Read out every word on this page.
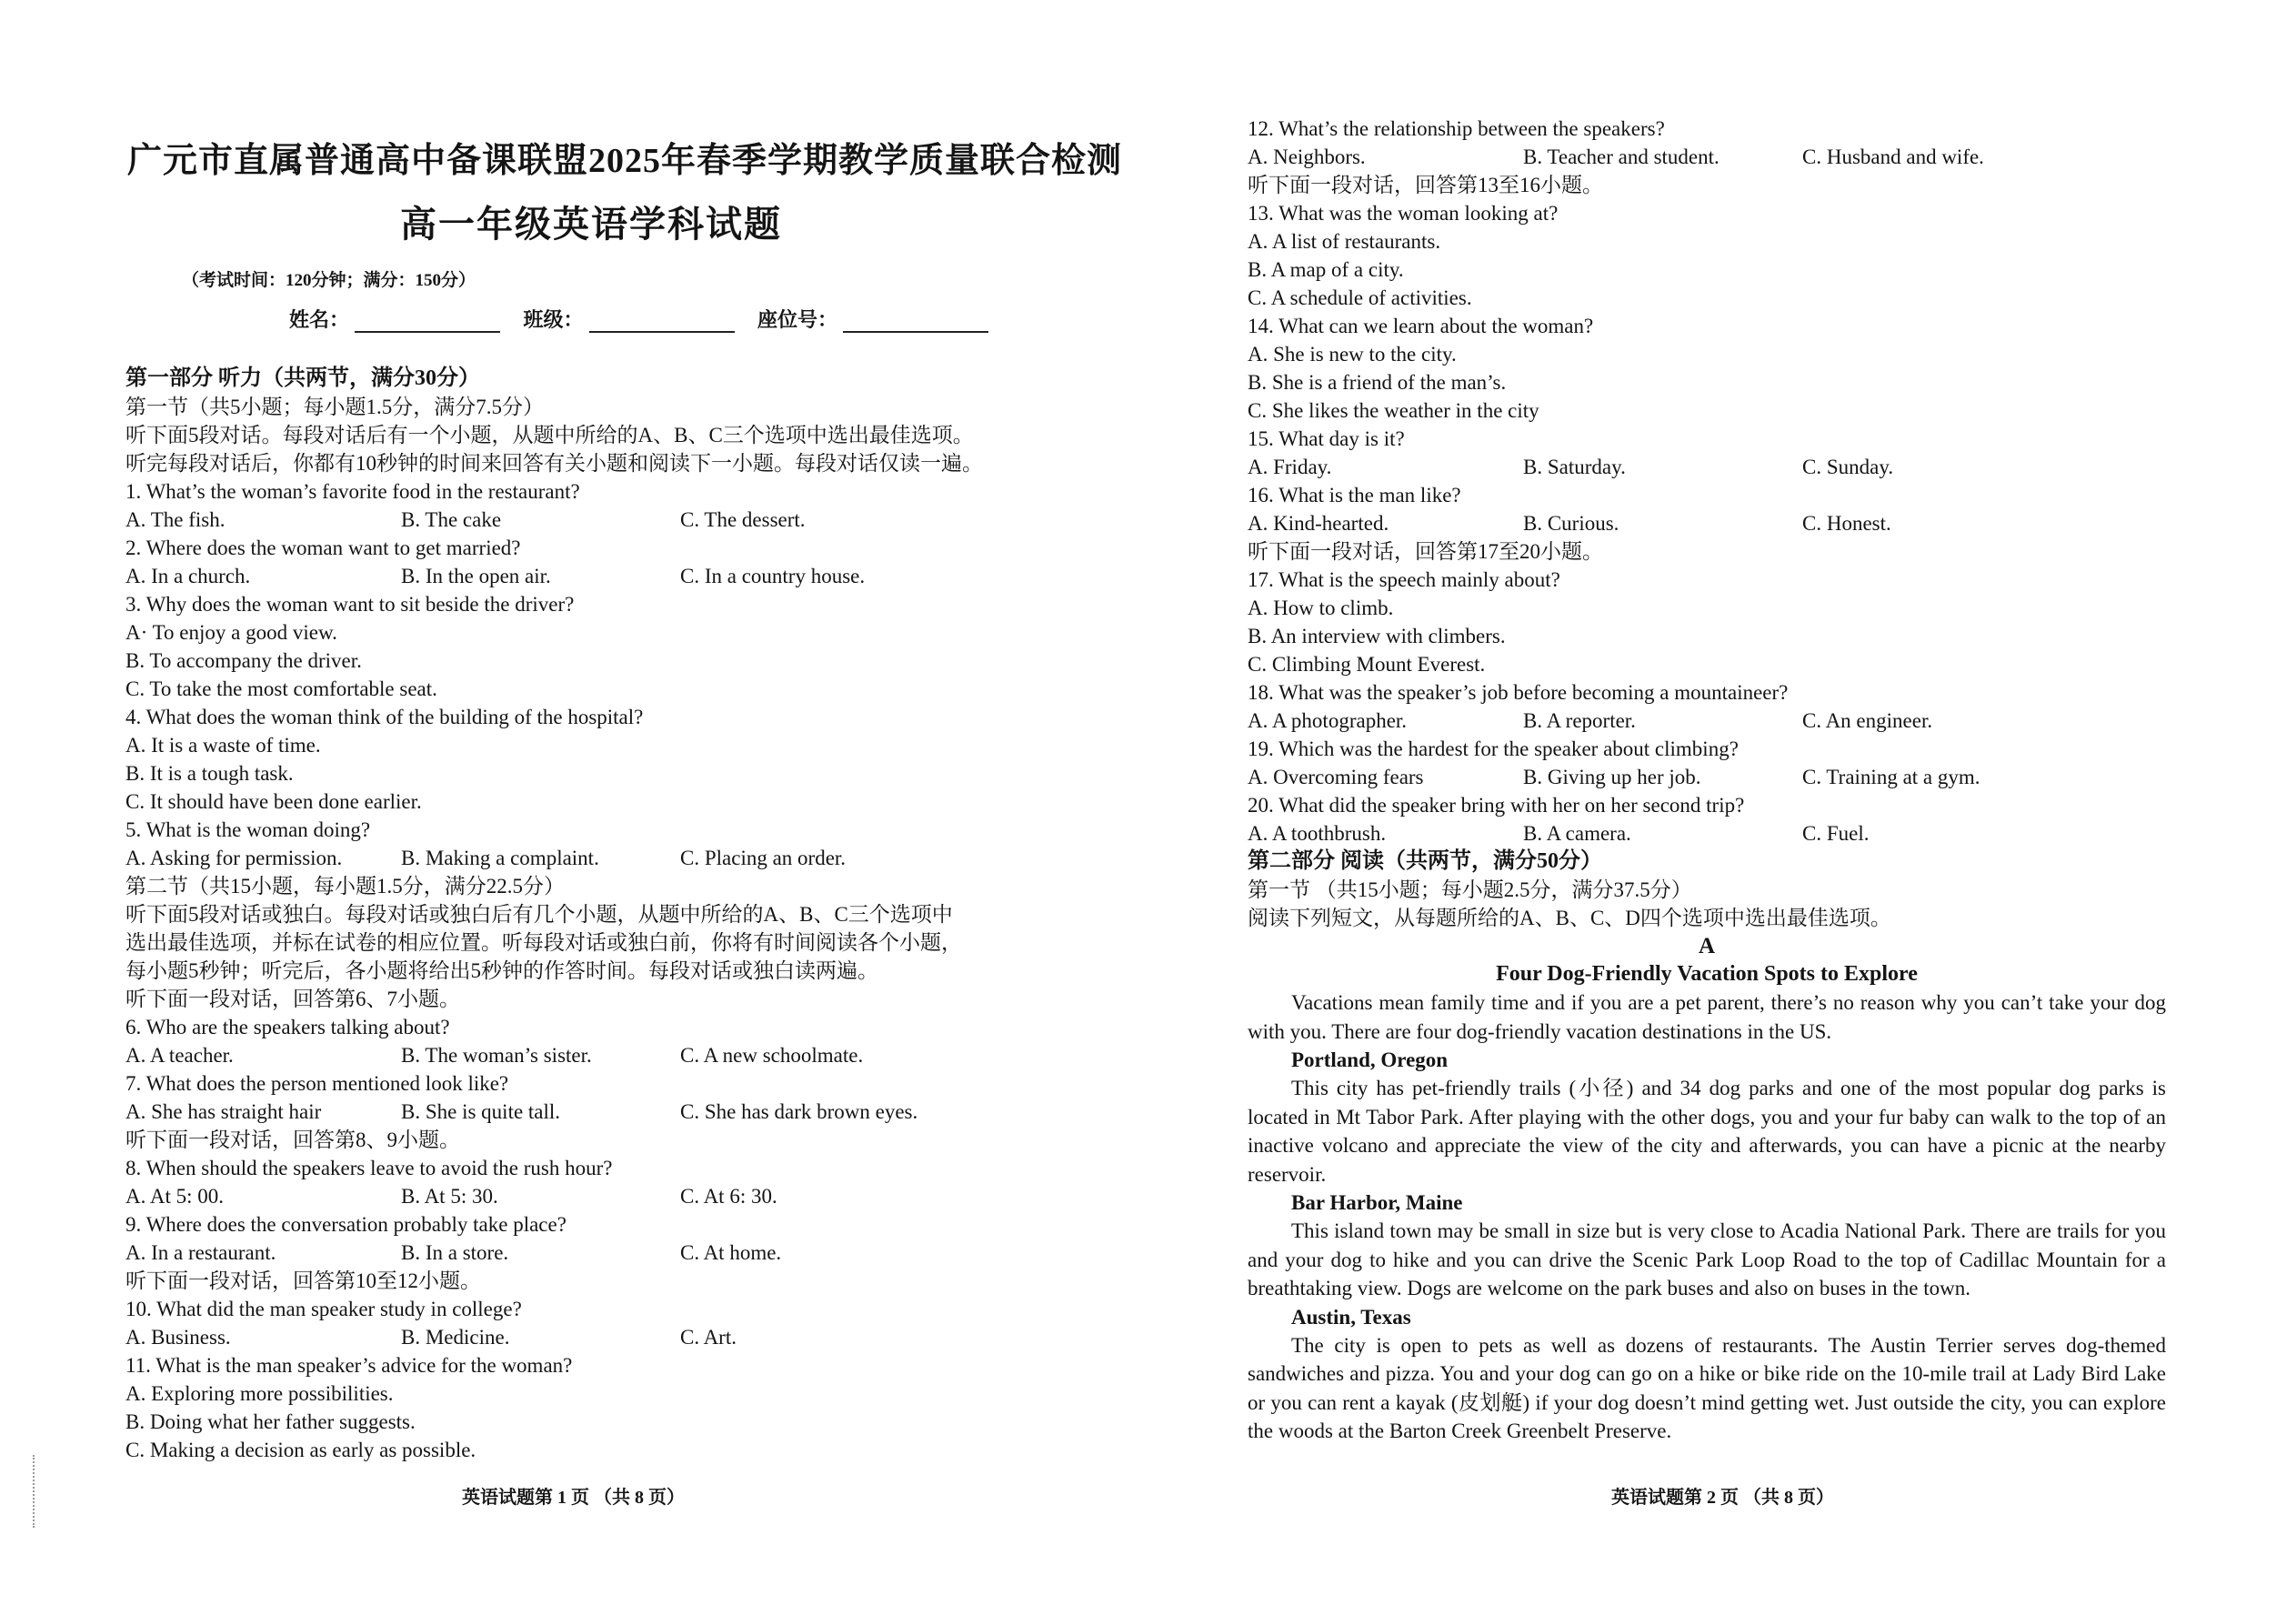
广元市直属普通高中备课联盟2025年春季学期教学质量联合检测
高一年级英语学科试题
（考试时间：120分钟；满分：150分）
姓名：	班级：	座位号：
第一部分 听力（共两节，满分30分）
第一节（共5小题；每小题1.5分，满分7.5分）
听下面5段对话。每段对话后有一个小题，从题中所给的A、B、C三个选项中选出最佳选项。
听完每段对话后，你都有10秒钟的时间来回答有关小题和阅读下一小题。每段对话仅读一遍。
1. What’s the woman’s favorite food in the restaurant?
A. The fish.	B. The cake	C. The dessert.
2. Where does the woman want to get married?
A. In a church.	B. In the open air.	C. In a country house.
3. Why does the woman want to sit beside the driver?
A· To enjoy a good view.
B. To accompany the driver.
C. To take the most comfortable seat.
4. What does the woman think of the building of the hospital?
A. It is a waste of time.
B. It is a tough task.
C. It should have been done earlier.
5. What is the woman doing?
A. Asking for permission.	B. Making a complaint.	C. Placing an order.
第二节（共15小题，每小题1.5分，满分22.5分）
听下面5段对话或独白。每段对话或独白后有几个小题，从题中所给的A、B、C三个选项中
选出最佳选项，并标在试卷的相应位置。听每段对话或独白前，你将有时间阅读各个小题，
每小题5秒钟；听完后，各小题将给出5秒钟的作答时间。每段对话或独白读两遍。
听下面一段对话，回答第6、7小题。
6. Who are the speakers talking about?
A. A teacher.	B. The woman’s sister.	C. A new schoolmate.
7. What does the person mentioned look like?
A. She has straight hair	B. She is quite tall.	C. She has dark brown eyes.
听下面一段对话，回答第8、9小题。
8. When should the speakers leave to avoid the rush hour?
A. At 5: 00.	B. At 5: 30.	C. At 6: 30.
9. Where does the conversation probably take place?
A. In a restaurant.	B. In a store.	C. At home.
听下面一段对话，回答第10至12小题。
10. What did the man speaker study in college?
A. Business.	B. Medicine.	C. Art.
11. What is the man speaker’s advice for the woman?
A. Exploring more possibilities.
B. Doing what her father suggests.
C. Making a decision as early as possible.
英语试题第 1 页 （共 8 页）
12. What’s the relationship between the speakers?
A. Neighbors.	B. Teacher and student.	C. Husband and wife.
听下面一段对话，回答第13至16小题。
13. What was the woman looking at?
A. A list of restaurants.
B. A map of a city.
C. A schedule of activities.
14. What can we learn about the woman?
A. She is new to the city.
B. She is a friend of the man’s.
C. She likes the weather in the city
15. What day is it?
A. Friday.	B. Saturday.	C. Sunday.
16. What is the man like?
A. Kind-hearted.	B. Curious.	C. Honest.
听下面一段对话，回答第17至20小题。
17. What is the speech mainly about?
A. How to climb.
B. An interview with climbers.
C. Climbing Mount Everest.
18. What was the speaker’s job before becoming a mountaineer?
A. A photographer.	B. A reporter.	C. An engineer.
19. Which was the hardest for the speaker about climbing?
A. Overcoming fears	B. Giving up her job.	C. Training at a gym.
20. What did the speaker bring with her on her second trip?
A. A toothbrush.	B. A camera.	C. Fuel.
第二部分 阅读（共两节，满分50分）
第一节 （共15小题；每小题2.5分，满分37.5分）
阅读下列短文，从每题所给的A、B、C、D四个选项中选出最佳选项。
A
Four Dog-Friendly Vacation Spots to Explore

Vacations mean family time and if you are a pet parent, there’s no reason why you can’t take your dog with you. There are four dog-friendly vacation destinations in the US.

Portland, Oregon

This city has pet-friendly trails (小径) and 34 dog parks and one of the most popular dog parks is located in Mt Tabor Park. After playing with the other dogs, you and your fur baby can walk to the top of an inactive volcano and appreciate the view of the city and afterwards, you can have a picnic at the nearby reservoir.

Bar Harbor, Maine

This island town may be small in size but is very close to Acadia National Park. There are trails for you and your dog to hike and you can drive the Scenic Park Loop Road to the top of Cadillac Mountain for a breathtaking view. Dogs are welcome on the park buses and also on buses in the town.

Austin, Texas

The city is open to pets as well as dozens of restaurants. The Austin Terrier serves dog-themed sandwiches and pizza. You and your dog can go on a hike or bike ride on the 10-mile trail at Lady Bird Lake or you can rent a kayak (皮划艇) if your dog doesn’t mind getting wet. Just outside the city, you can explore the woods at the Barton Creek Greenbelt Preserve.

英语试题第 2 页 （共 8 页）
